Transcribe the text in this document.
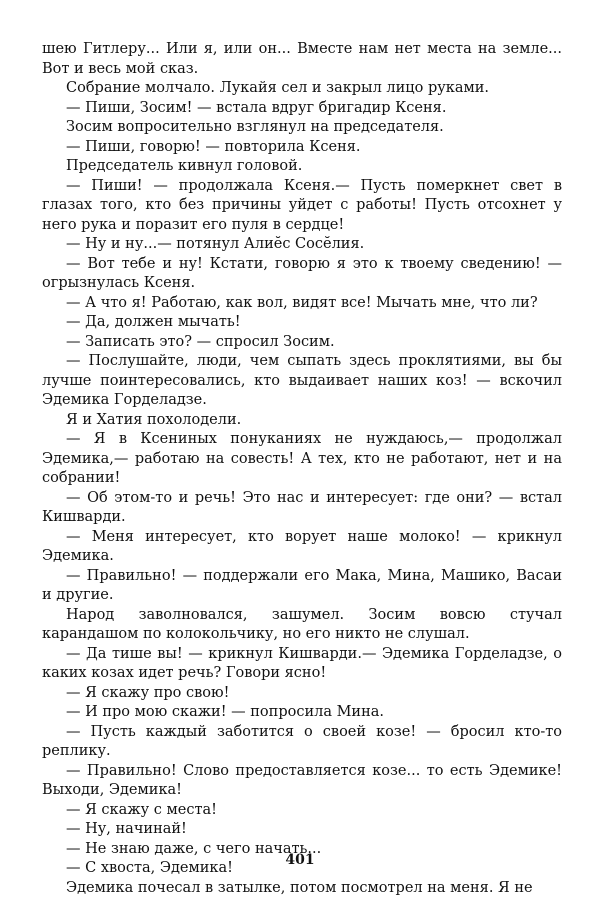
шею Гитлеру... Или я, или он... Вместе нам нет места на земле... Вот и весь мой сказ.

Собрание молчало. Лукайя сел и закрыл лицо руками.

— Пиши, Зосим! — встала вдруг бригадир Ксеня.

Зосим вопросительно взглянул на председателя.

— Пиши, говорю! — повторила Ксеня.

Председатель кивнул головой.

— Пиши! — продолжала Ксеня.— Пусть померкнет свет в глазах того, кто без причины уйдет с работы! Пусть отсохнет у него рука и поразит его пуля в сердце!

— Ну и ну...— потянул Алиӗс Сосӗлия.

— Вот тебе и ну! Кстати, говорю я это к твоему сведению! — огрызнулась Ксеня.

— А что я! Работаю, как вол, видят все! Мычать мне, что ли?

— Да, должен мычать!

— Записать это? — спросил Зосим.

— Послушайте, люди, чем сыпать здесь проклятиями, вы бы лучше поинтересовались, кто выдаивает наших коз! — вскочил Эдемика Горделадзе.

Я и Хатия похолодели.

— Я в Ксениных понуканиях не нуждаюсь,— продолжал Эдемика,— работаю на совесть! А тех, кто не работают, нет и на собрании!

— Об этом-то и речь! Это нас и интересует: где они? — встал Кишварди.

— Меня интересует, кто ворует наше молоко! — крикнул Эдемика.

— Правильно! — поддержали его Мака, Мина, Машико, Васаи и другие.

Народ заволновался, зашумел. Зосим вовсю стучал карандашом по колокольчику, но его никто не слушал.

— Да тише вы! — крикнул Кишварди.— Эдемика Горделадзе, о каких козах идет речь? Говори ясно!

— Я скажу про свою!

— И про мою скажи! — попросила Мина.

— Пусть каждый заботится о своей козе! — бросил кто-то реплику.

— Правильно! Слово предоставляется козе... то есть Эдемике! Выходи, Эдемика!

— Я скажу с места!

— Ну, начинай!

— Не знаю даже, с чего начать...

— С хвоста, Эдемика!

Эдемика почесал в затылке, потом посмотрел на меня. Я не

401
